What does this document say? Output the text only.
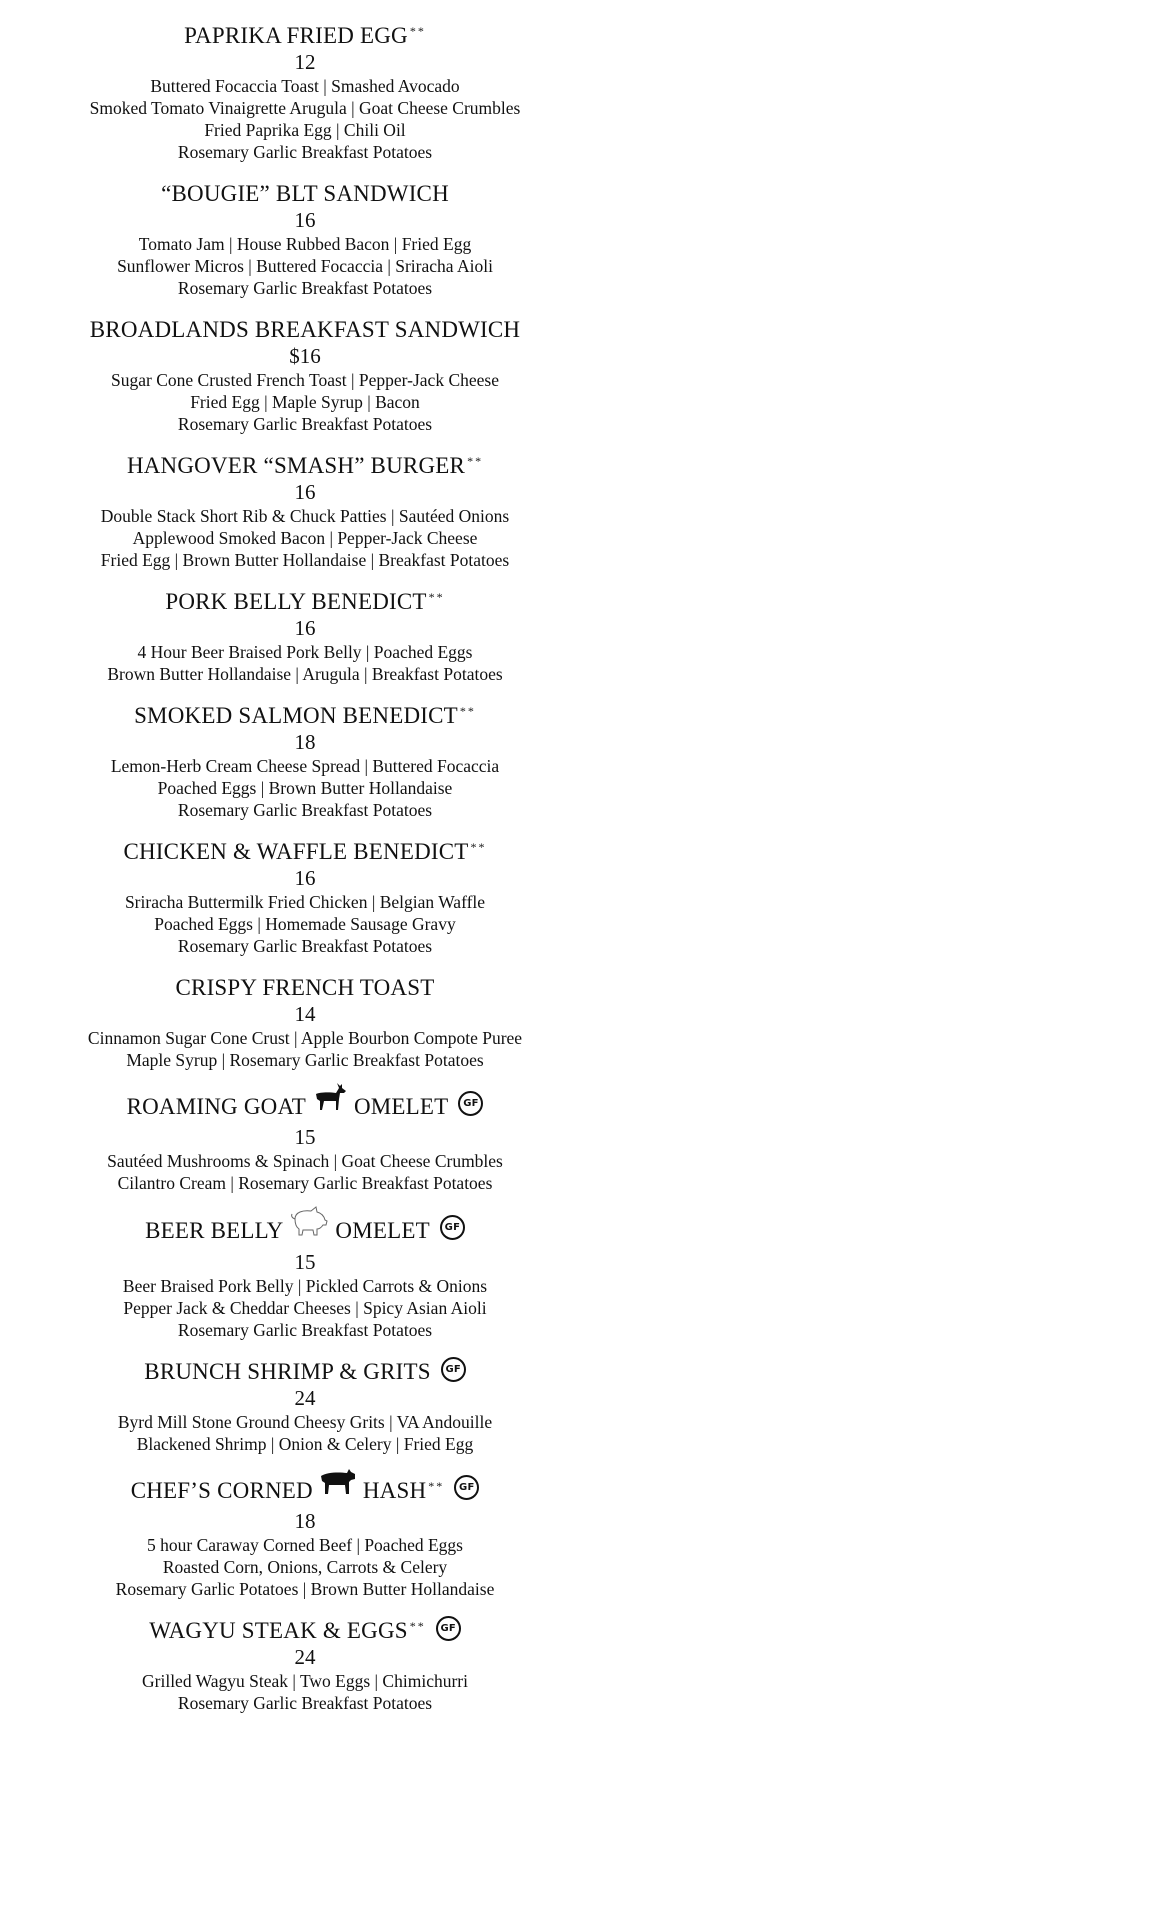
PAPRIKA FRIED EGG **
12
Buttered Focaccia Toast | Smashed Avocado
Smoked Tomato Vinaigrette Arugula | Goat Cheese Crumbles
Fried Paprika Egg | Chili Oil
Rosemary Garlic Breakfast Potatoes
“BOUGIE” BLT SANDWICH
16
Tomato Jam | House Rubbed Bacon | Fried Egg
Sunflower Micros | Buttered Focaccia | Sriracha Aioli
Rosemary Garlic Breakfast Potatoes
BROADLANDS BREAKFAST SANDWICH
$16
Sugar Cone Crusted French Toast | Pepper-Jack Cheese
Fried Egg | Maple Syrup | Bacon
Rosemary Garlic Breakfast Potatoes
HANGOVER “SMASH” BURGER **
16
Double Stack Short Rib & Chuck Patties | Sautéed Onions
Applewood Smoked Bacon | Pepper-Jack Cheese
Fried Egg | Brown Butter Hollandaise | Breakfast Potatoes
PORK BELLY BENEDICT **
16
4 Hour Beer Braised Pork Belly | Poached Eggs
Brown Butter Hollandaise | Arugula | Breakfast Potatoes
SMOKED SALMON BENEDICT **
18
Lemon-Herb Cream Cheese Spread | Buttered Focaccia
Poached Eggs | Brown Butter Hollandaise
Rosemary Garlic Breakfast Potatoes
CHICKEN & WAFFLE BENEDICT **
16
Sriracha Buttermilk Fried Chicken | Belgian Waffle
Poached Eggs | Homemade Sausage Gravy
Rosemary Garlic Breakfast Potatoes
CRISPY FRENCH TOAST
14
Cinnamon Sugar Cone Crust | Apple Bourbon Compote Puree
Maple Syrup | Rosemary Garlic Breakfast Potatoes
ROAMING GOAT OMELET	GF
15
Sautéed Mushrooms & Spinach | Goat Cheese Crumbles
Cilantro Cream | Rosemary Garlic Breakfast Potatoes
BEER BELLY OMELET	GF
15
Beer Braised Pork Belly | Pickled Carrots & Onions
Pepper Jack & Cheddar Cheeses | Spicy Asian Aioli
Rosemary Garlic Breakfast Potatoes
BRUNCH SHRIMP & GRITS	GF
24
Byrd Mill Stone Ground Cheesy Grits | VA Andouille
Blackened Shrimp | Onion & Celery | Fried Egg
CHEF’S CORNED HASH **	GF
18
5 hour Caraway Corned Beef | Poached Eggs
Roasted Corn, Onions, Carrots & Celery
Rosemary Garlic Potatoes | Brown Butter Hollandaise
WAGYU STEAK & EGGS **	GF
24
Grilled Wagyu Steak | Two Eggs | Chimichurri
Rosemary Garlic Breakfast Potatoes
